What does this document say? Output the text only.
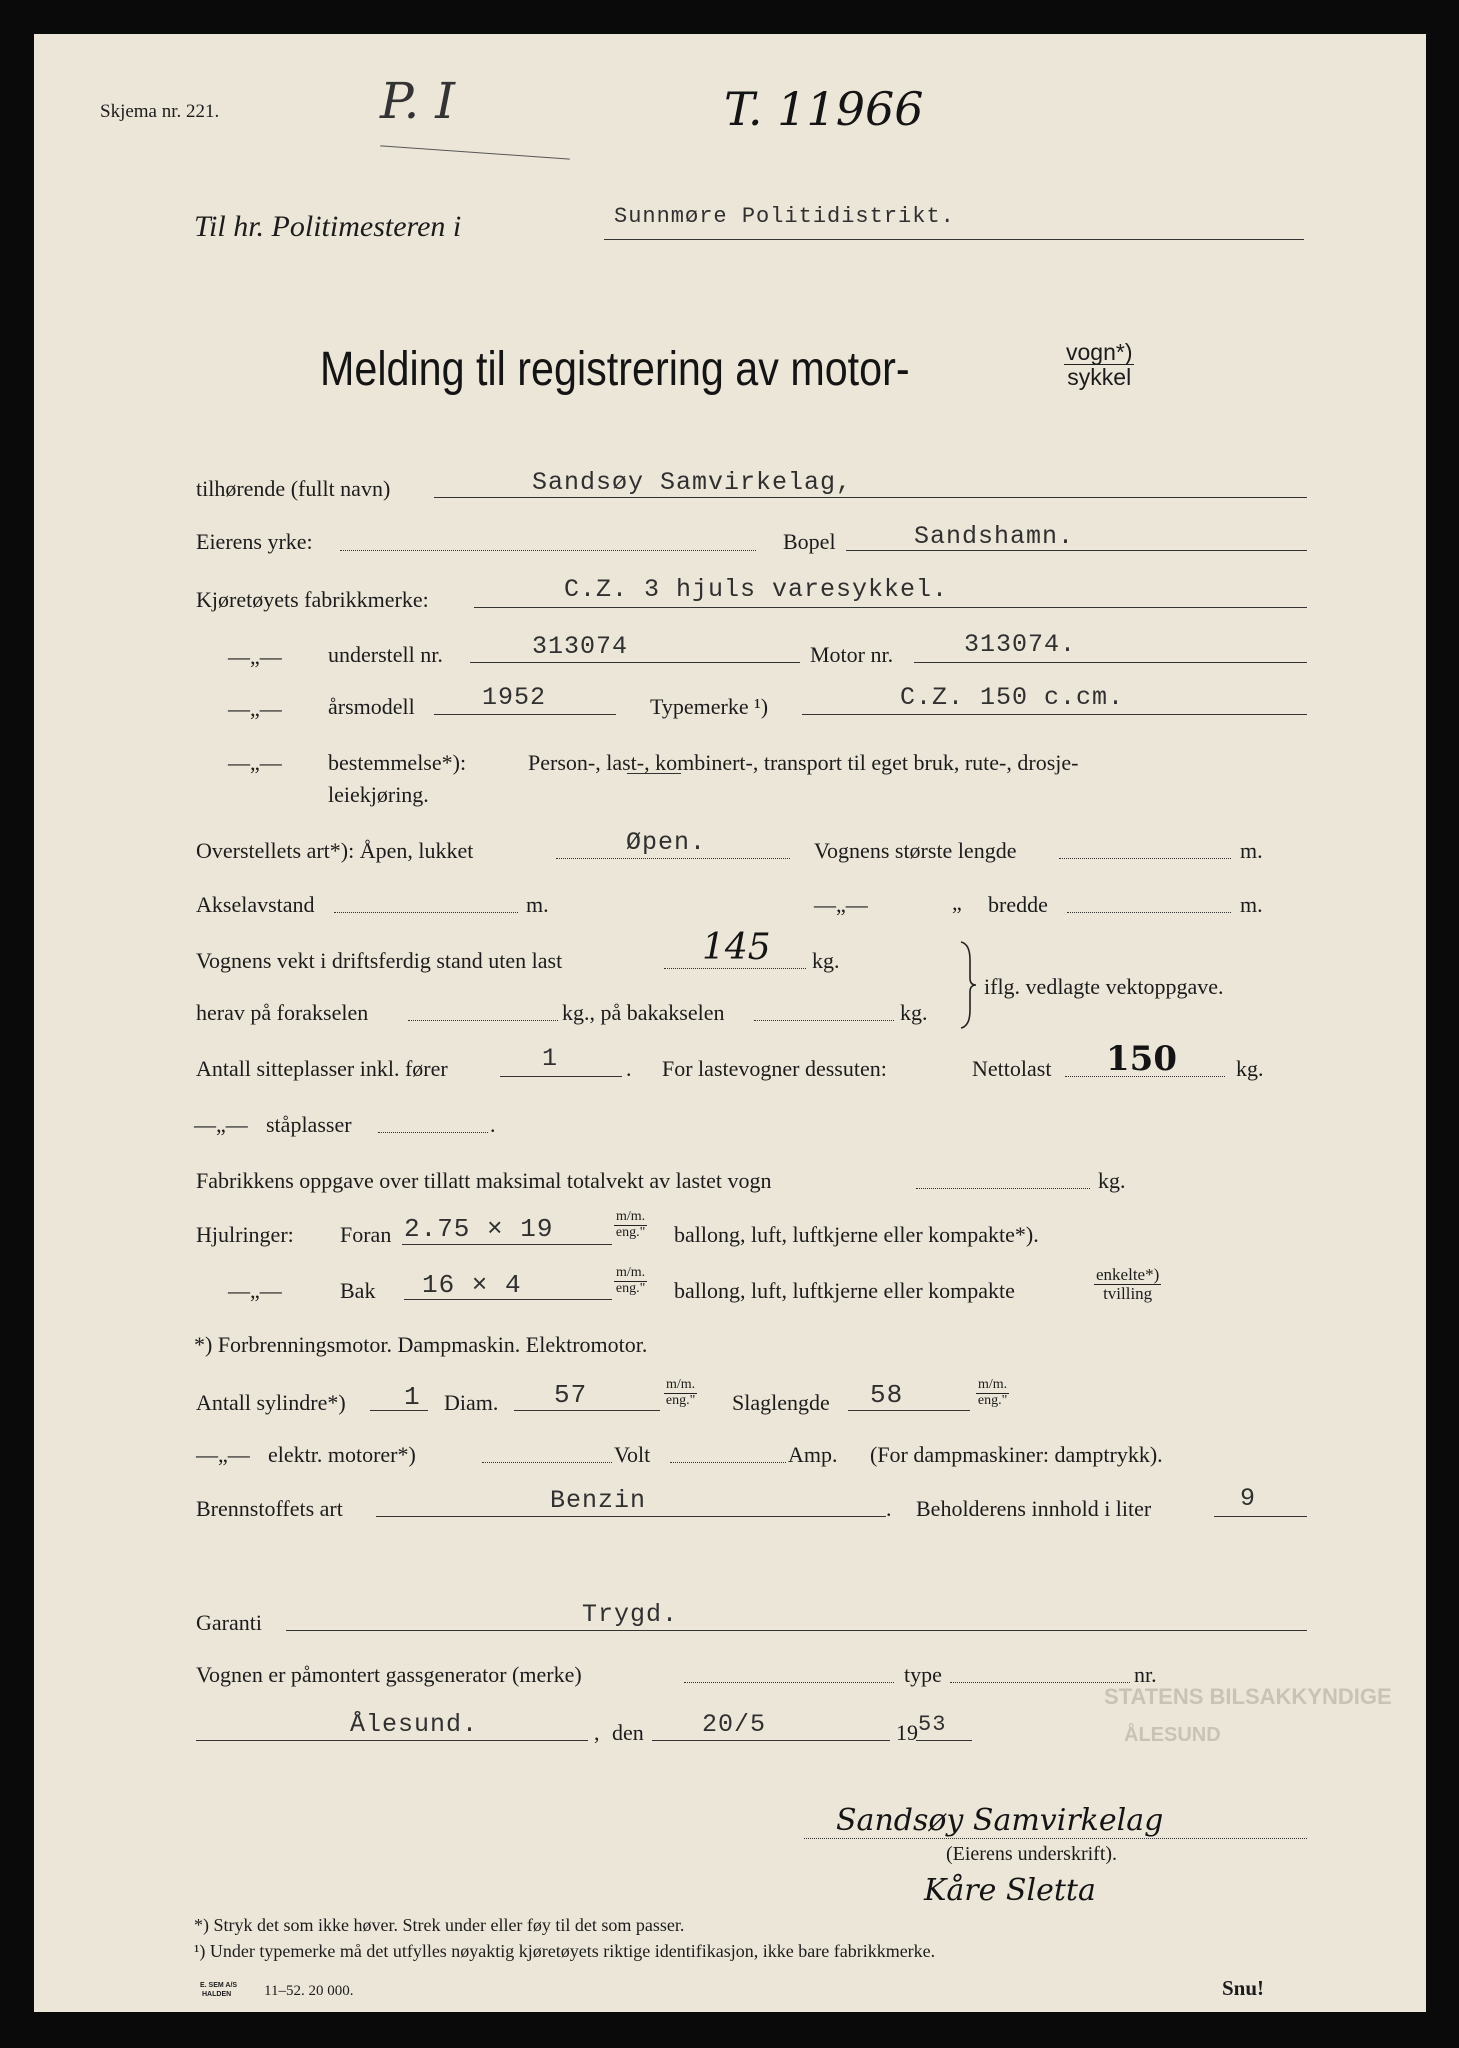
STATENS BILSAKKYNDIGE
ÅLESUND
Skjema nr. 221.	P. I	T. 11966
Til hr. Politimesteren i	Sunnmøre Politidistrikt.
Melding til registrering av motor-	vogn*)
sykkel
tilhørende (fullt navn)	Sandsøy Samvirkelag,
Eierens yrke:	Bopel	Sandshamn.
Kjøretøyets fabrikkmerke:	C.Z. 3 hjuls varesykkel.
—„— understell nr.	313074	Motor nr.	313074.
—„— årsmodell	1952	Typemerke ¹)	C.Z. 150 c.cm.
—„— bestemmelse*):	Person-, last-, kombinert-, transport til eget bruk, rute-, drosje-
leiekjøring.
Overstellets art*): Åpen, lukket	Øpen.	Vognens største lengde	m.
Akselavstand	m.	—„—	„ bredde	m.
Vognens vekt i driftsferdig stand uten last	145 kg.
herav på forakselen	kg., på bakakselen	kg.
iflg. vedlagte vektoppgave.
Antall sitteplasser inkl. fører	1	. For lastevogner dessuten:	Nettolast 150	kg.
—„— ståplasser	.
Fabrikkens oppgave over tillatt maksimal totalvekt av lastet vogn	kg.
Hjulringer: Foran 2.75 × 19	m/m.
eng." ballong, luft, luftkjerne eller kompakte*).
—„—	Bak 16 × 4	m/m.
eng." ballong, luft, luftkjerne eller kompakte
enkelte*)
tvilling
*) Forbrenningsmotor. Dampmaskin. Elektromotor.
Antall sylindre*) 1 Diam. 57	m/m.
eng." Slaglengde 58	m/m.
eng."
—„— elektr. motorer*)	Volt	Amp. (For dampmaskiner: damptrykk).
Brennstoffets art	Benzin	. Beholderens innhold i liter	9
Garanti	Trygd.
Vognen er påmontert gassgenerator (merke)	type	nr.
Ålesund.	, den 20/5	19 53
Sandsøy Samvirkelag
(Eierens underskrift).
Kåre Sletta
*) Stryk det som ikke høver. Strek under eller føy til det som passer.
¹) Under typemerke må det utfylles nøyaktig kjøretøyets riktige identifikasjon, ikke bare fabrikkmerke.
E. SEM A/S
HALDEN 11–52. 20 000.	Snu!
